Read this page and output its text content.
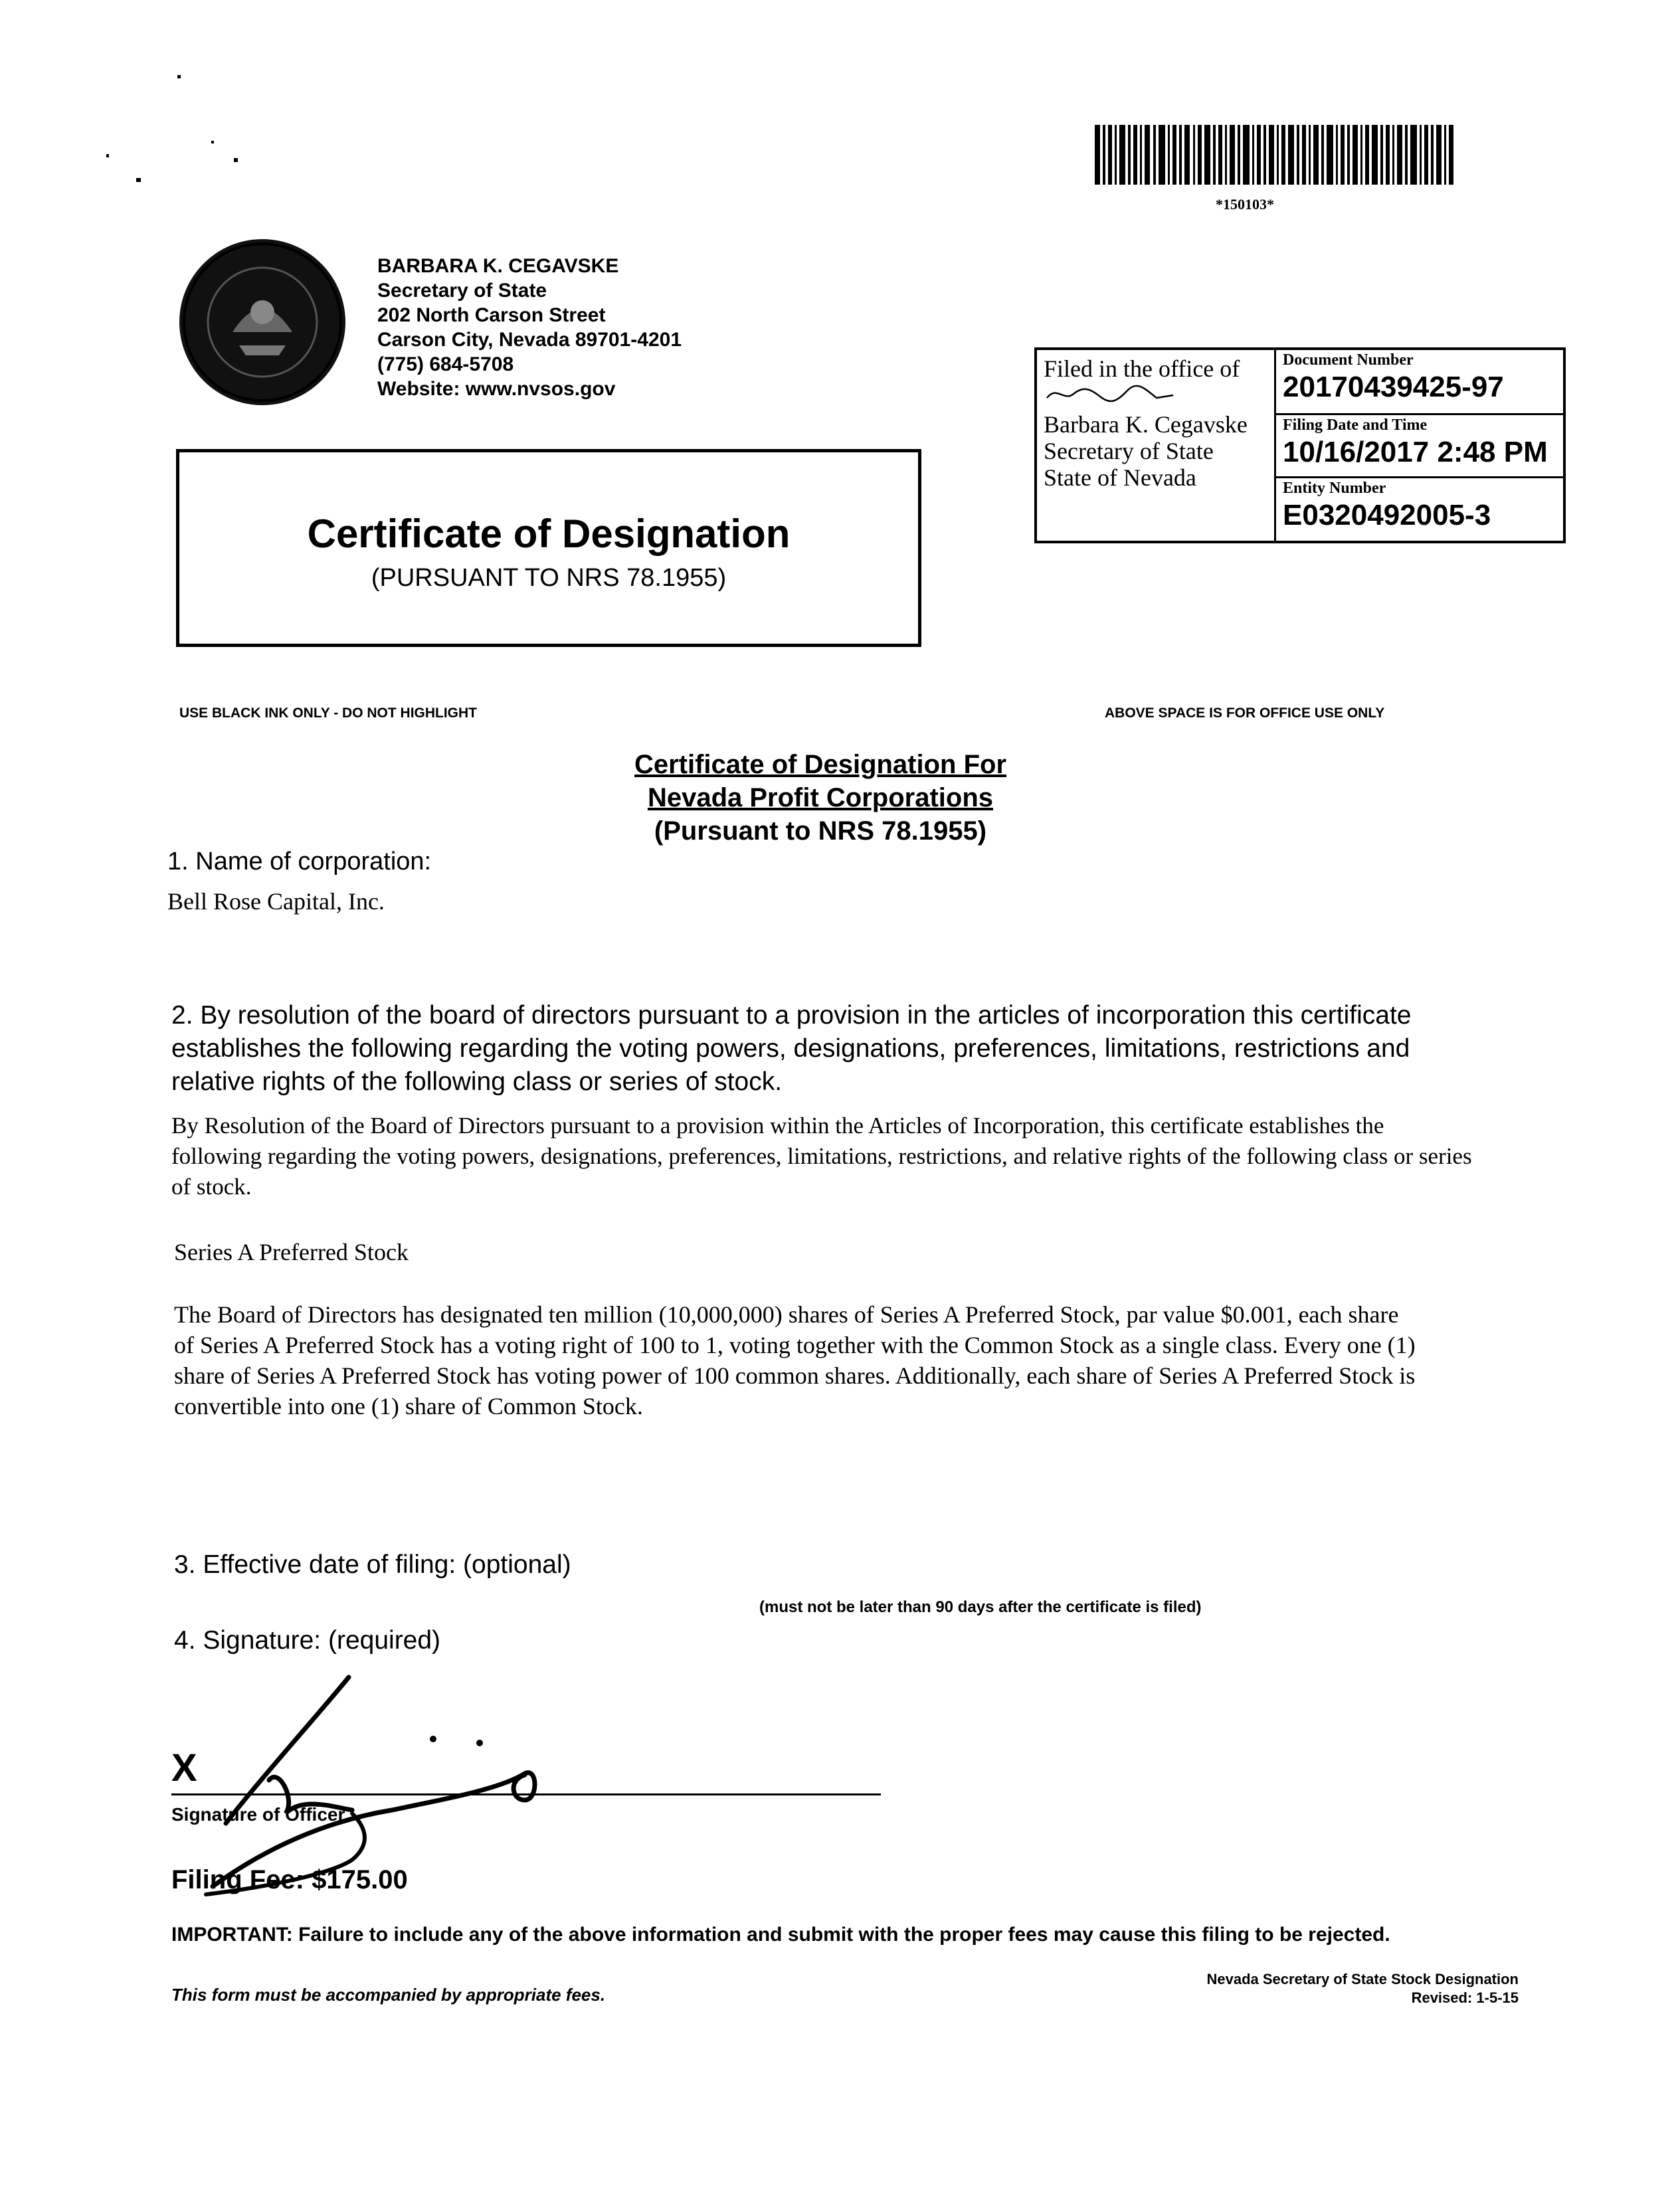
*150103*
BARBARA K. CEGAVSKE
Secretary of State
202 North Carson Street
Carson City, Nevada 89701-4201
(775) 684-5708
Website: www.nvsos.gov
Certificate of Designation
(PURSUANT TO NRS 78.1955)
Filed in the office of
Barbara K. Cegavske
Secretary of State
State of Nevada
Document Number
20170439425-97
Filing Date and Time
10/16/2017 2:48 PM
Entity Number
E0320492005-3
USE BLACK INK ONLY - DO NOT HIGHLIGHT	ABOVE SPACE IS FOR OFFICE USE ONLY
Certificate of Designation For
Nevada Profit Corporations
(Pursuant to NRS 78.1955)
1. Name of corporation:
Bell Rose Capital, Inc.
2. By resolution of the board of directors pursuant to a provision in the articles of incorporation this certificate establishes the following regarding the voting powers, designations, preferences, limitations, restrictions and relative rights of the following class or series of stock.
By Resolution of the Board of Directors pursuant to a provision within the Articles of Incorporation, this certificate establishes the following regarding the voting powers, designations, preferences, limitations, restrictions, and relative rights of the following class or series of stock.
Series A Preferred Stock
The Board of Directors has designated ten million (10,000,000) shares of Series A Preferred Stock, par value $0.001, each share of Series A Preferred Stock has a voting right of 100 to 1, voting together with the Common Stock as a single class. Every one (1) share of Series A Preferred Stock has voting power of 100 common shares. Additionally, each share of Series A Preferred Stock is convertible into one (1) share of Common Stock.
3. Effective date of filing: (optional)
(must not be later than 90 days after the certificate is filed)
4. Signature: (required)
X
Signature of Officer
Filing Fee: $175.00
IMPORTANT: Failure to include any of the above information and submit with the proper fees may cause this filing to be rejected.
This form must be accompanied by appropriate fees.
Nevada Secretary of State Stock Designation
Revised: 1-5-15
